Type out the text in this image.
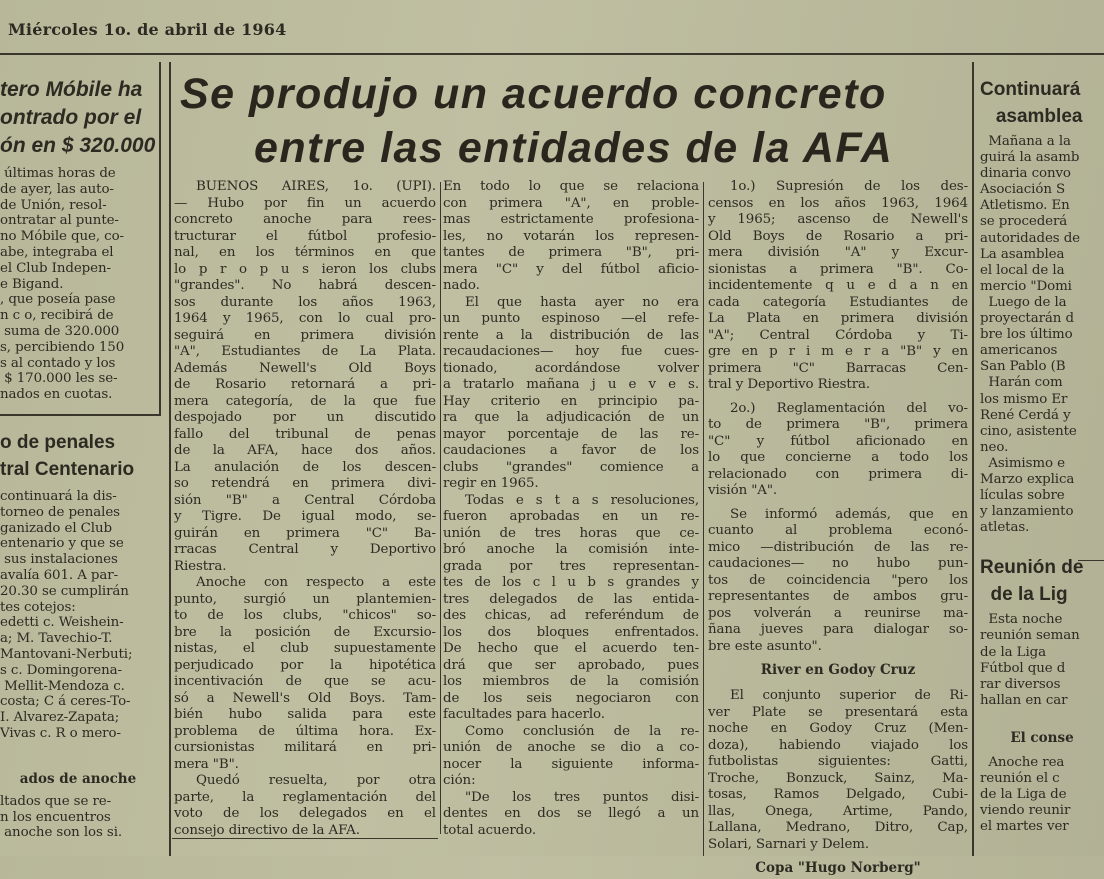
Miércoles 1o. de abril de 1964
Se produjo un acuerdo concreto
entre las entidades de la AFA
BUENOS AIRES, 1o. (UPI).
— Hubo por fin un acuerdo
concreto anoche para rees-
tructurar el fútbol profesio-
nal, en los términos en que
lo p r o p u s ieron los clubs
"grandes". No habrá descen-
sos durante los años 1963,
1964 y 1965, con lo cual pro-
seguirá en primera división
"A", Estudiantes de La Plata.
Además Newell's Old Boys
de Rosario retornará a pri-
mera categoría, de la que fue
despojado por un discutido
fallo del tribunal de penas
de la AFA, hace dos años.
La anulación de los descen-
so retendrá en primera divi-
sión "B" a Central Córdoba
y Tigre. De igual modo, se-
guirán en primera "C" Ba-
rracas Central y Deportivo
Riestra.
Anoche con respecto a este
punto, surgió un plantemien-
to de los clubs, "chicos" so-
bre la posición de Excursio-
nistas, el club supuestamente
perjudicado por la hipotética
incentivación de que se acu-
só a Newell's Old Boys. Tam-
bién hubo salida para este
problema de última hora. Ex-
cursionistas militará en pri-
mera "B".
Quedó resuelta, por otra
parte, la reglamentación del
voto de los delegados en el
consejo directivo de la AFA.
En todo lo que se relaciona
con primera "A", en proble-
mas estrictamente profesiona-
les, no votarán los represen-
tantes de primera "B", pri-
mera "C" y del fútbol aficio-
nado.
El que hasta ayer no era
un punto espinoso —el refe-
rente a la distribución de las
recaudaciones— hoy fue cues-
tionado, acordándose volver
a tratarlo mañana j u e v e s.
Hay criterio en principio pa-
ra que la adjudicación de un
mayor porcentaje de las re-
caudaciones a favor de los
clubs "grandes" comience a
regir en 1965.
Todas e s t a s resoluciones,
fueron aprobadas en un re-
unión de tres horas que ce-
bró anoche la comisión inte-
grada por tres representan-
tes de los c l u b s grandes y
tres delegados de las entida-
des chicas, ad referéndum de
los dos bloques enfrentados.
De hecho que el acuerdo ten-
drá que ser aprobado, pues
los miembros de la comisión
de los seis negociaron con
facultades para hacerlo.
Como conclusión de la re-
unión de anoche se dio a co-
nocer la siguiente informa-
ción:
"De los tres puntos disi-
dentes en dos se llegó a un
total acuerdo.
1o.) Supresión de los des-
censos en los años 1963, 1964
y 1965; ascenso de Newell's
Old Boys de Rosario a pri-
mera división "A" y Excur-
sionistas a primera "B". Co-
incidentemente q u e d a n en
cada categoría Estudiantes de
La Plata en primera división
"A"; Central Córdoba y Ti-
gre en p r i m e r a "B" y en
primera "C" Barracas Cen-
tral y Deportivo Riestra.
2o.) Reglamentación del vo-
to de primera "B", primera
"C" y fútbol aficionado en
lo que concierne a todo los
relacionado con primera di-
visión "A".
Se informó además, que en
cuanto al problema econó-
mico —distribución de las re-
caudaciones— no hubo pun-
tos de coincidencia "pero los
representantes de ambos gru-
pos volverán a reunirse ma-
ñana jueves para dialogar so-
bre este asunto".
River en Godoy Cruz
El conjunto superior de Ri-
ver Plate se presentará esta
noche en Godoy Cruz (Men-
doza), habiendo viajado los
futbolistas siguientes: Gatti,
Troche, Bonzuck, Sainz, Ma-
tosas, Ramos Delgado, Cubi-
llas, Onega, Artime, Pando,
Lallana, Medrano, Ditro, Cap,
Solari, Sarnari y Delem.
Copa "Hugo Norberg"
tero Móbile ha
ontrado por el
ón en $ 320.000
últimas horas de
de ayer, las auto-
de Unión, resol-
ontratar al punte-
no Móbile que, co-
abe, integraba el
el Club Indepen-
e Bigand.
, que poseía pase
n c o, recibirá de
suma de 320.000
s, percibiendo 150
s al contado y los
$ 170.000 les se-
nados en cuotas.
o de penales
tral Centenario
continuará la dis-
torneo de penales
ganizado el Club
entenario y que se
sus instalaciones
avalía 601. A par-
20.30 se cumplirán
tes cotejos:
edetti c. Weishein-
a; M. Tavechio-T.
Mantovani-Nerbuti;
s c. Domingorena-
Mellit-Mendoza c.
costa; C á ceres-To-
I. Alvarez-Zapata;
Vivas c. R o mero-
ados de anoche
ltados que se re-
n los encuentros
anoche son los si.
Continuará
asamblea
Mañana a la
guirá la asamb
dinaria convo
Asociación S
Atletismo. En
se procederá
autoridades de
La asamblea
el local de la
mercio "Domi
Luego de la
proyectarán d
bre los último
americanos
San Pablo (B
Harán com
los mismo Er
René Cerdá y
cino, asistente
neo.
Asimismo e
Marzo explica
lículas sobre
y lanzamiento
atletas.
Reunión de
de la Lig
Esta noche
reunión seman
de la Liga
Fútbol que d
rar diversos
hallan en car
El conse
Anoche rea
reunión el c
de la Liga de
viendo reunir
el martes ver
